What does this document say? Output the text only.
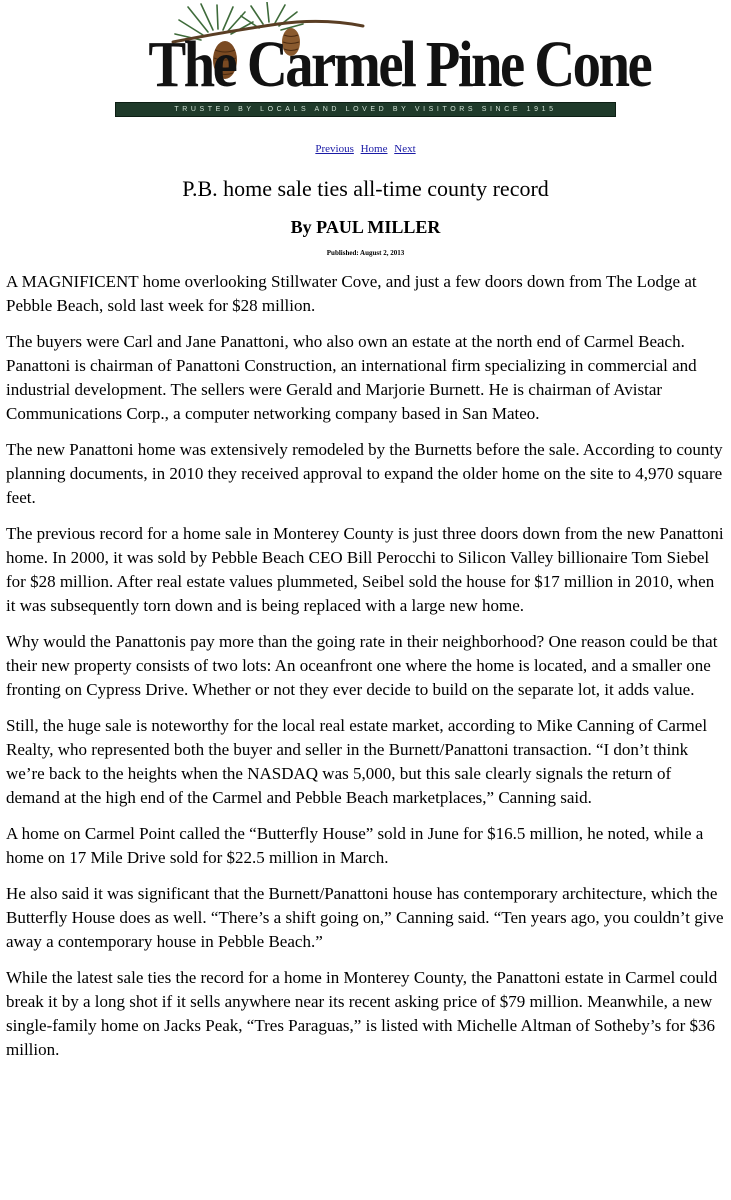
The Carmel Pine Cone
TRUSTED BY LOCALS AND LOVED BY VISITORS SINCE 1915
Previous Home Next
P.B. home sale ties all-time county record
By PAUL MILLER
Published: August 2, 2013

A MAGNIFICENT home overlooking Stillwater Cove, and just a few doors down from The Lodge at Pebble Beach, sold last week for $28 million.

The buyers were Carl and Jane Panattoni, who also own an estate at the north end of Carmel Beach. Panattoni is chairman of Panattoni Construction, an international firm specializing in commercial and industrial development. The sellers were Gerald and Marjorie Burnett. He is chairman of Avistar Communications Corp., a computer networking company based in San Mateo.

The new Panattoni home was extensively remodeled by the Burnetts before the sale. According to county planning documents, in 2010 they received approval to expand the older home on the site to 4,970 square feet.

The previous record for a home sale in Monterey County is just three doors down from the new Panattoni home. In 2000, it was sold by Pebble Beach CEO Bill Perocchi to Silicon Valley billionaire Tom Siebel for $28 million. After real estate values plummeted, Seibel sold the house for $17 million in 2010, when it was subsequently torn down and is being replaced with a large new home.

Why would the Panattonis pay more than the going rate in their neighborhood? One reason could be that their new property consists of two lots: An oceanfront one where the home is located, and a smaller one fronting on Cypress Drive. Whether or not they ever decide to build on the separate lot, it adds value.

Still, the huge sale is noteworthy for the local real estate market, according to Mike Canning of Carmel Realty, who represented both the buyer and seller in the Burnett/Panattoni transaction. “I don’t think we’re back to the heights when the NASDAQ was 5,000, but this sale clearly signals the return of demand at the high end of the Carmel and Pebble Beach marketplaces,” Canning said.

A home on Carmel Point called the “Butterfly House” sold in June for $16.5 million, he noted, while a home on 17 Mile Drive sold for $22.5 million in March.

He also said it was significant that the Burnett/Panattoni house has contemporary architecture, which the Butterfly House does as well. “There’s a shift going on,” Canning said. “Ten years ago, you couldn’t give away a contemporary house in Pebble Beach.”

While the latest sale ties the record for a home in Monterey County, the Panattoni estate in Carmel could break it by a long shot if it sells anywhere near its recent asking price of $79 million. Meanwhile, a new single-family home on Jacks Peak, “Tres Paraguas,” is listed with Michelle Altman of Sotheby’s for $36 million.
